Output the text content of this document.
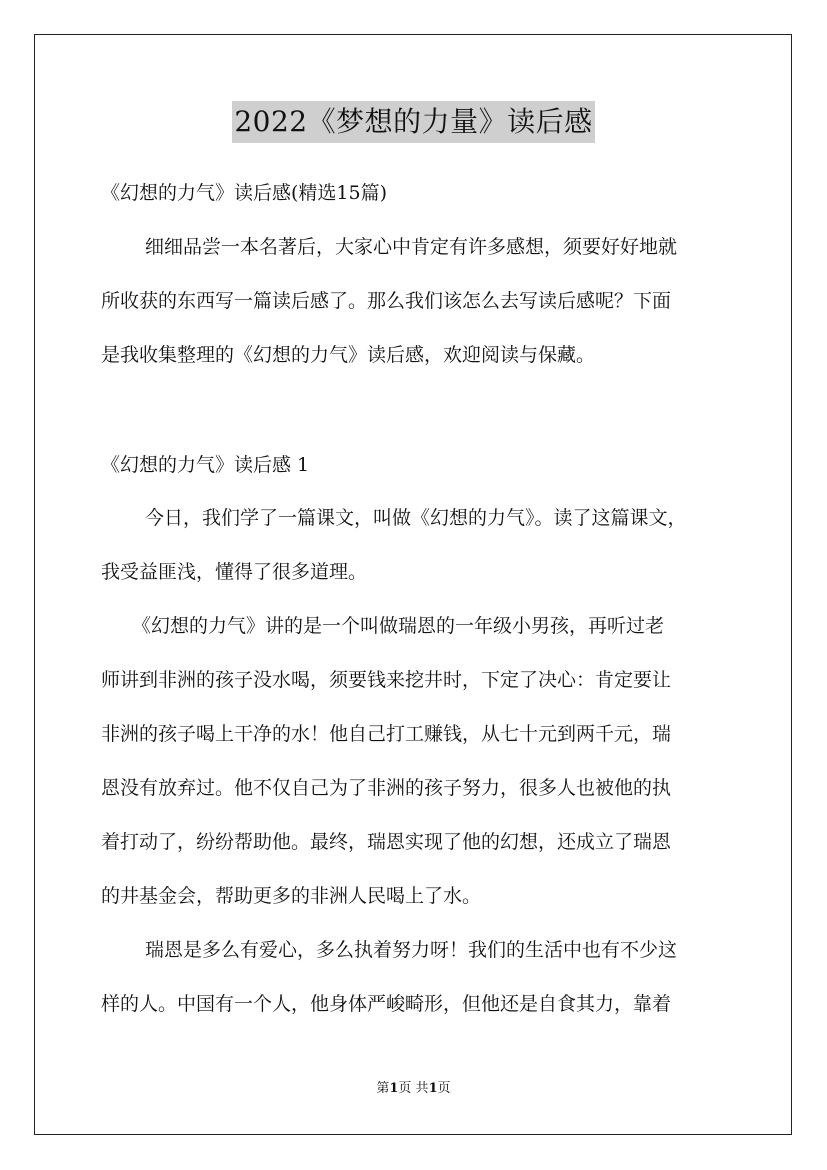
2022《梦想的力量》读后感
《幻想的力气》读后感(精选15篇)
细细品尝一本名著后，大家心中肯定有许多感想，须要好好地就
所收获的东西写一篇读后感了。那么我们该怎么去写读后感呢？下面
是我收集整理的《幻想的力气》读后感，欢迎阅读与保藏。
《幻想的力气》读后感 1
今日，我们学了一篇课文，叫做《幻想的力气》。读了这篇课文，
我受益匪浅，懂得了很多道理。
《幻想的力气》讲的是一个叫做瑞恩的一年级小男孩，再听过老
师讲到非洲的孩子没水喝，须要钱来挖井时，下定了决心：肯定要让
非洲的孩子喝上干净的水！他自己打工赚钱，从七十元到两千元，瑞
恩没有放弃过。他不仅自己为了非洲的孩子努力，很多人也被他的执
着打动了，纷纷帮助他。最终，瑞恩实现了他的幻想，还成立了瑞恩
的井基金会，帮助更多的非洲人民喝上了水。
瑞恩是多么有爱心，多么执着努力呀！我们的生活中也有不少这
样的人。中国有一个人，他身体严峻畸形，但他还是自食其力，靠着
第1页 共1页
